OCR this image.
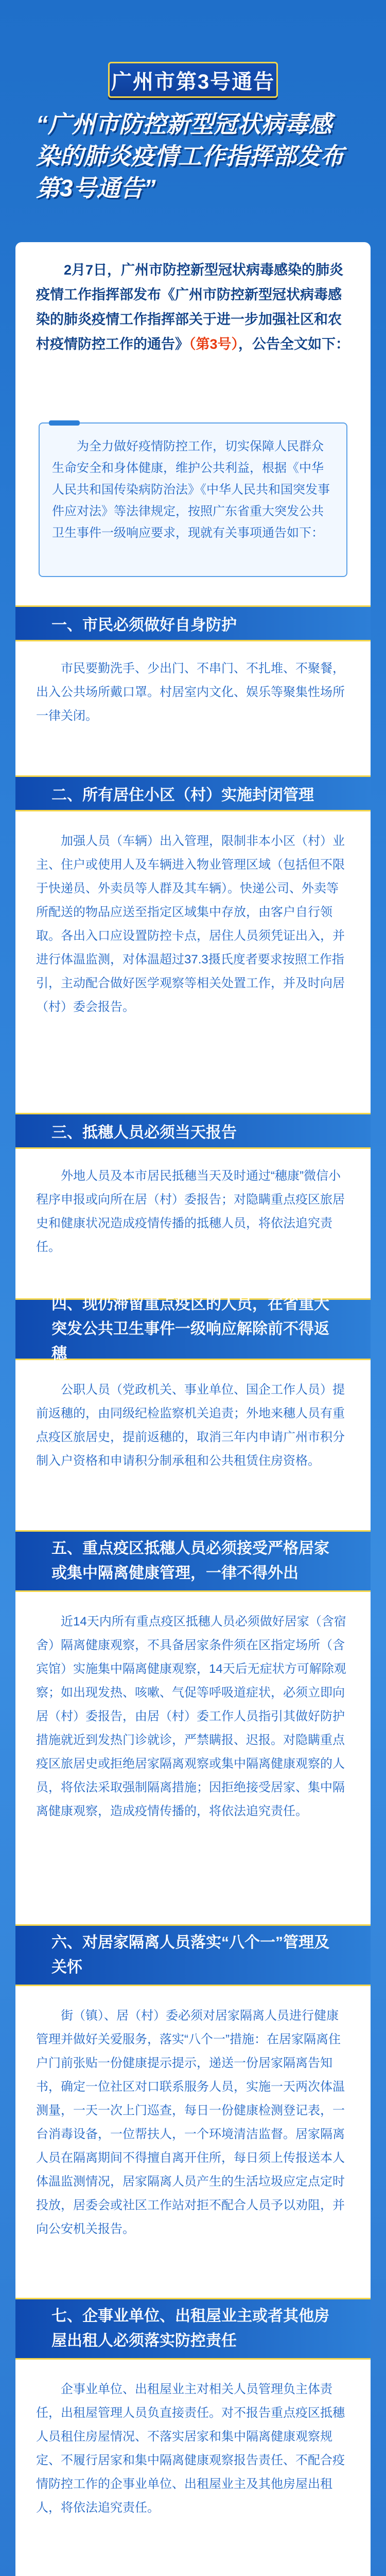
广州市第3号通告
“广州市防控新型冠状病毒感染的肺炎疫情工作指挥部发布第3号通告”
2月7日，广州市防控新型冠状病毒感染的肺炎疫情工作指挥部发布《广州市防控新型冠状病毒感染的肺炎疫情工作指挥部关于进一步加强社区和农村疫情防控工作的通告》（第3号），公告全文如下：
为全力做好疫情防控工作，切实保障人民群众生命安全和身体健康，维护公共利益，根据《中华人民共和国传染病防治法》《中华人民共和国突发事件应对法》等法律规定，按照广东省重大突发公共卫生事件一级响应要求，现就有关事项通告如下：
一、市民必须做好自身防护
市民要勤洗手、少出门、不串门、不扎堆、不聚餐，出入公共场所戴口罩。村居室内文化、娱乐等聚集性场所一律关闭。
二、所有居住小区（村）实施封闭管理
加强人员（车辆）出入管理，限制非本小区（村）业主、住户或使用人及车辆进入物业管理区域（包括但不限于快递员、外卖员等人群及其车辆）。快递公司、外卖等所配送的物品应送至指定区域集中存放，由客户自行领取。各出入口应设置防控卡点，居住人员须凭证出入，并进行体温监测，对体温超过37.3摄氏度者要求按照工作指引，主动配合做好医学观察等相关处置工作，并及时向居（村）委会报告。
三、抵穗人员必须当天报告
外地人员及本市居民抵穗当天及时通过“穗康”微信小程序申报或向所在居（村）委报告；对隐瞒重点疫区旅居史和健康状况造成疫情传播的抵穗人员，将依法追究责任。
四、现仍滞留重点疫区的人员，在省重大突发公共卫生事件一级响应解除前不得返穗
公职人员（党政机关、事业单位、国企工作人员）提前返穗的，由同级纪检监察机关追责；外地来穗人员有重点疫区旅居史，提前返穗的，取消三年内申请广州市积分制入户资格和申请积分制承租和公共租赁住房资格。
五、重点疫区抵穗人员必须接受严格居家或集中隔离健康管理，一律不得外出
近14天内所有重点疫区抵穗人员必须做好居家（含宿舍）隔离健康观察，不具备居家条件须在区指定场所（含宾馆）实施集中隔离健康观察，14天后无症状方可解除观察；如出现发热、咳嗽、气促等呼吸道症状，必须立即向居（村）委报告，由居（村）委工作人员指引其做好防护措施就近到发热门诊就诊，严禁瞒报、迟报。对隐瞒重点疫区旅居史或拒绝居家隔离观察或集中隔离健康观察的人员，将依法采取强制隔离措施；因拒绝接受居家、集中隔离健康观察，造成疫情传播的，将依法追究责任。
六、对居家隔离人员落实“八个一”管理及关怀
街（镇）、居（村）委必须对居家隔离人员进行健康管理并做好关爱服务，落实“八个一”措施：在居家隔离住户门前张贴一份健康提示提示，递送一份居家隔离告知书，确定一位社区对口联系服务人员，实施一天两次体温测量，一天一次上门巡查，每日一份健康检测登记表，一台消毒设备，一位帮扶人，一个环境清洁监督。居家隔离人员在隔离期间不得擅自离开住所，每日须上传报送本人体温监测情况，居家隔离人员产生的生活垃圾应定点定时投放，居委会或社区工作站对拒不配合人员予以劝阻，并向公安机关报告。
七、企事业单位、出租屋业主或者其他房屋出租人必须落实防控责任
企事业单位、出租屋业主对相关人员管理负主体责任，出租屋管理人员负直接责任。对不报告重点疫区抵穗人员租住房屋情况、不落实居家和集中隔离健康观察规定、不履行居家和集中隔离健康观察报告责任、不配合疫情防控工作的企事业单位、出租屋业主及其他房屋出租人，将依法追究责任。
